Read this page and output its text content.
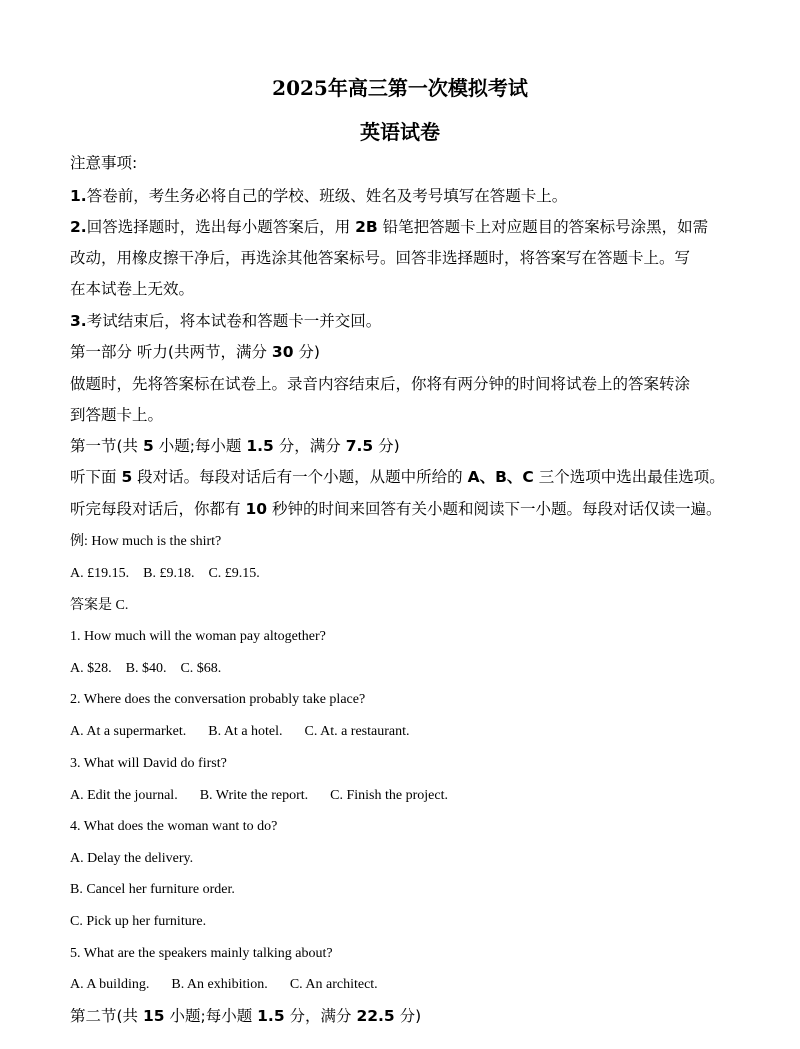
2025年高三第一次模拟考试
英语试卷
注意事项:
1.答卷前，考生务必将自己的学校、班级、姓名及考号填写在答题卡上。
2.回答选择题时，选出每小题答案后，用 2B 铅笔把答题卡上对应题目的答案标号涂黑，如需
改动，用橡皮擦干净后，再选涂其他答案标号。回答非选择题时，将答案写在答题卡上。写
在本试卷上无效。
3.考试结束后，将本试卷和答题卡一并交回。
第一部分 听力(共两节，满分 30 分)
做题时，先将答案标在试卷上。录音内容结束后，你将有两分钟的时间将试卷上的答案转涂
到答题卡上。
第一节(共 5 小题;每小题 1.5 分，满分 7.5 分)
听下面 5 段对话。每段对话后有一个小题，从题中所给的 A、B、C 三个选项中选出最佳选项。
听完每段对话后，你都有 10 秒钟的时间来回答有关小题和阅读下一小题。每段对话仅读一遍。
例: How much is the shirt?
A. £19.15. B. £9.18. C. £9.15.
答案是 C.
1. How much will the woman pay altogether?
A. $28. B. $40. C. $68.
2. Where does the conversation probably take place?
A. At a supermarket. B. At a hotel. C. At. a restaurant.
3. What will David do first?
A. Edit the journal. B. Write the report. C. Finish the project.
4. What does the woman want to do?
A. Delay the delivery.
B. Cancel her furniture order.
C. Pick up her furniture.
5. What are the speakers mainly talking about?
A. A building. B. An exhibition. C. An architect.
第二节(共 15 小题;每小题 1.5 分，满分 22.5 分)
